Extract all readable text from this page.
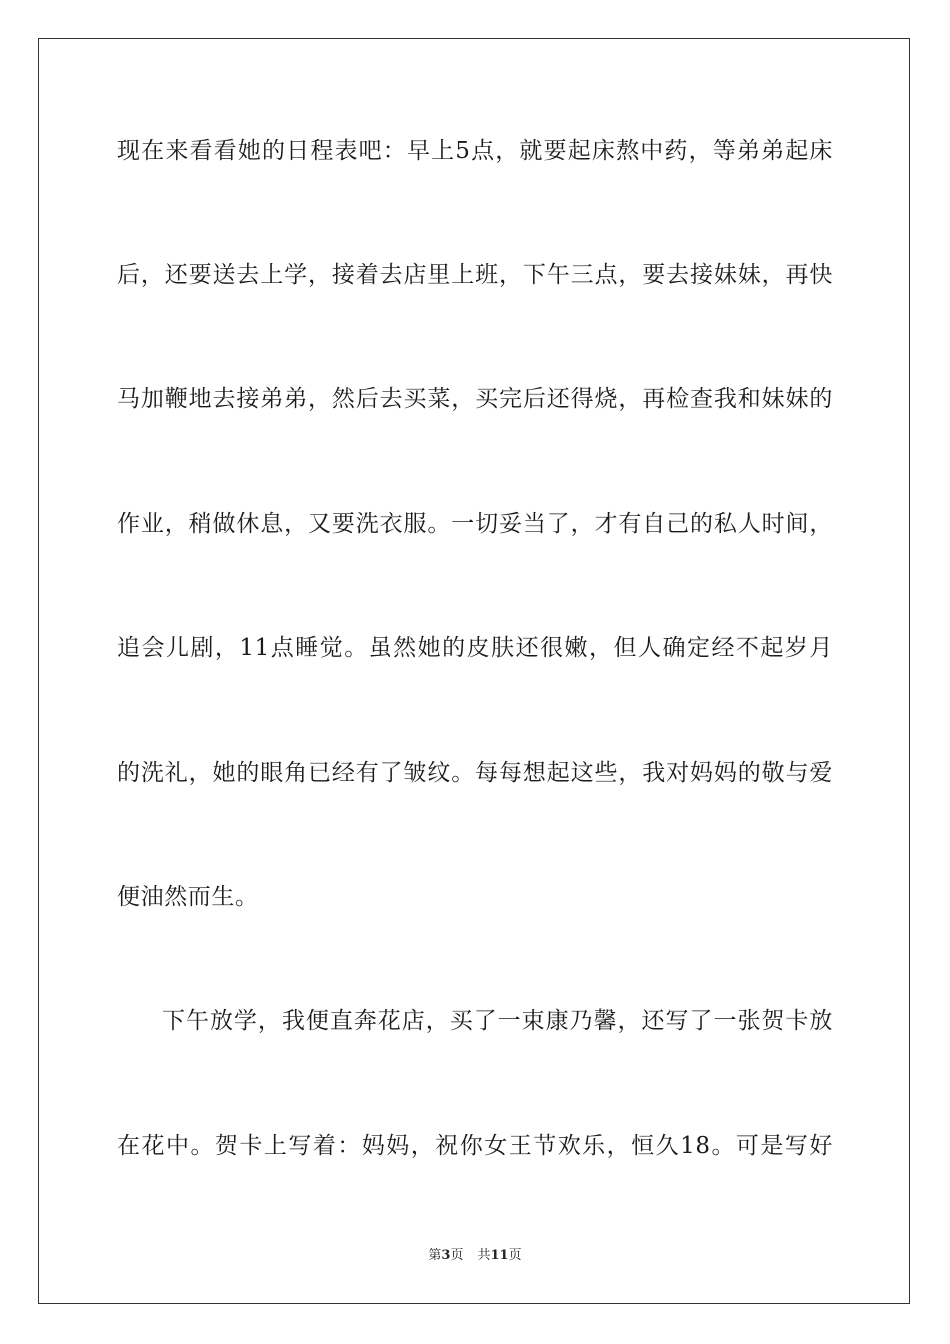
现在来看看她的日程表吧：早上5点，就要起床熬中药，等弟弟起床
后，还要送去上学，接着去店里上班，下午三点，要去接妹妹，再快
马加鞭地去接弟弟，然后去买菜，买完后还得烧，再检查我和妹妹的
作业，稍做休息，又要洗衣服。一切妥当了，才有自己的私人时间，
追会儿剧，11点睡觉。虽然她的皮肤还很嫩，但人确定经不起岁月
的洗礼，她的眼角已经有了皱纹。每每想起这些，我对妈妈的敬与爱
便油然而生。
下午放学，我便直奔花店，买了一束康乃馨，还写了一张贺卡放
在花中。贺卡上写着：妈妈，祝你女王节欢乐，恒久18。可是写好
第3页 共11页
